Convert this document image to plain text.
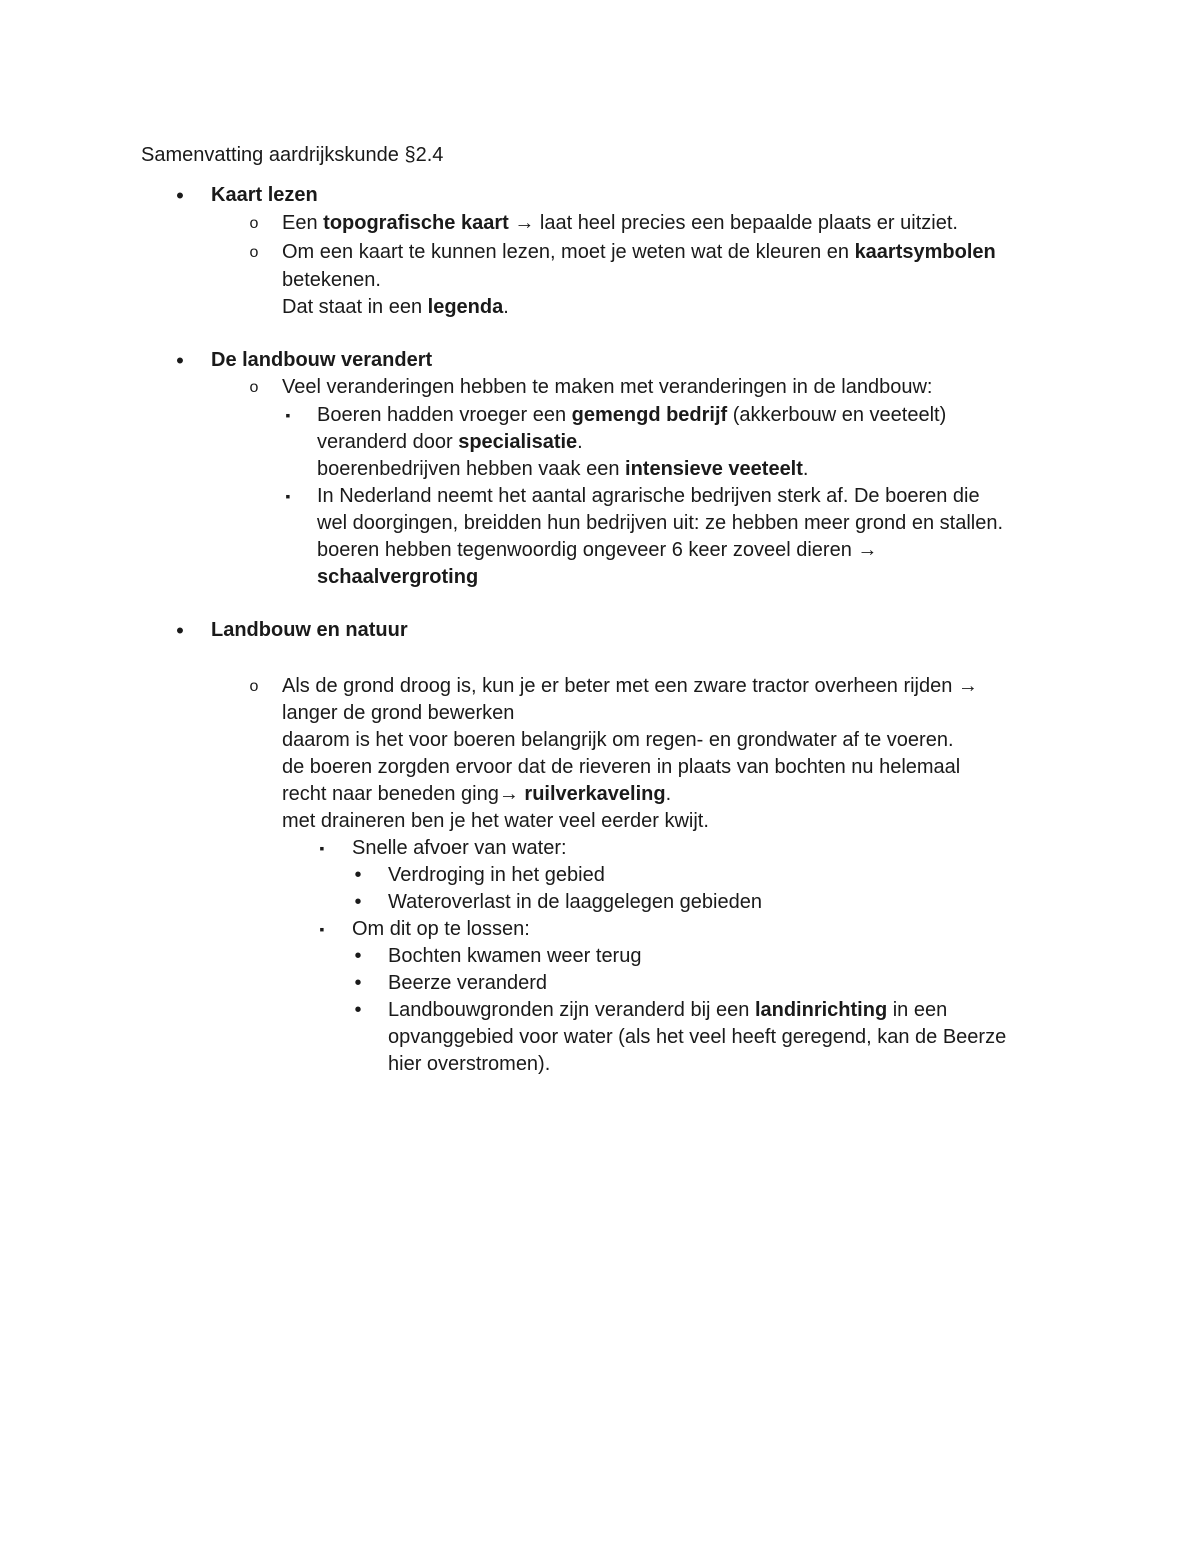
Samenvatting aardrijkskunde §2.4
•	Kaart lezen
o Een topografische kaart → laat heel precies een bepaalde plaats er uitziet.
o Om een kaart te kunnen lezen, moet je weten wat de kleuren en kaartsymbolen
betekenen.
Dat staat in een legenda.
•	De landbouw verandert
o Veel veranderingen hebben te maken met veranderingen in de landbouw:
▪ Boeren hadden vroeger een gemengd bedrijf (akkerbouw en veeteelt)
veranderd door specialisatie.
boerenbedrijven hebben vaak een intensieve veeteelt.
▪ In Nederland neemt het aantal agrarische bedrijven sterk af. De boeren die
wel doorgingen, breidden hun bedrijven uit: ze hebben meer grond en stallen.
boeren hebben tegenwoordig ongeveer 6 keer zoveel dieren →
schaalvergroting
•	Landbouw en natuur
o Als de grond droog is, kun je er beter met een zware tractor overheen rijden →
langer de grond bewerken
daarom is het voor boeren belangrijk om regen- en grondwater af te voeren.
de boeren zorgden ervoor dat de rieveren in plaats van bochten nu helemaal
recht naar beneden ging→ ruilverkaveling.
met draineren ben je het water veel eerder kwijt.
▪ Snelle afvoer van water:
• Verdroging in het gebied
• Wateroverlast in de laaggelegen gebieden
▪ Om dit op te lossen:
• Bochten kwamen weer terug
• Beerze veranderd
• Landbouwgronden zijn veranderd bij een landinrichting in een
opvanggebied voor water (als het veel heeft geregend, kan de Beerze
hier overstromen).
